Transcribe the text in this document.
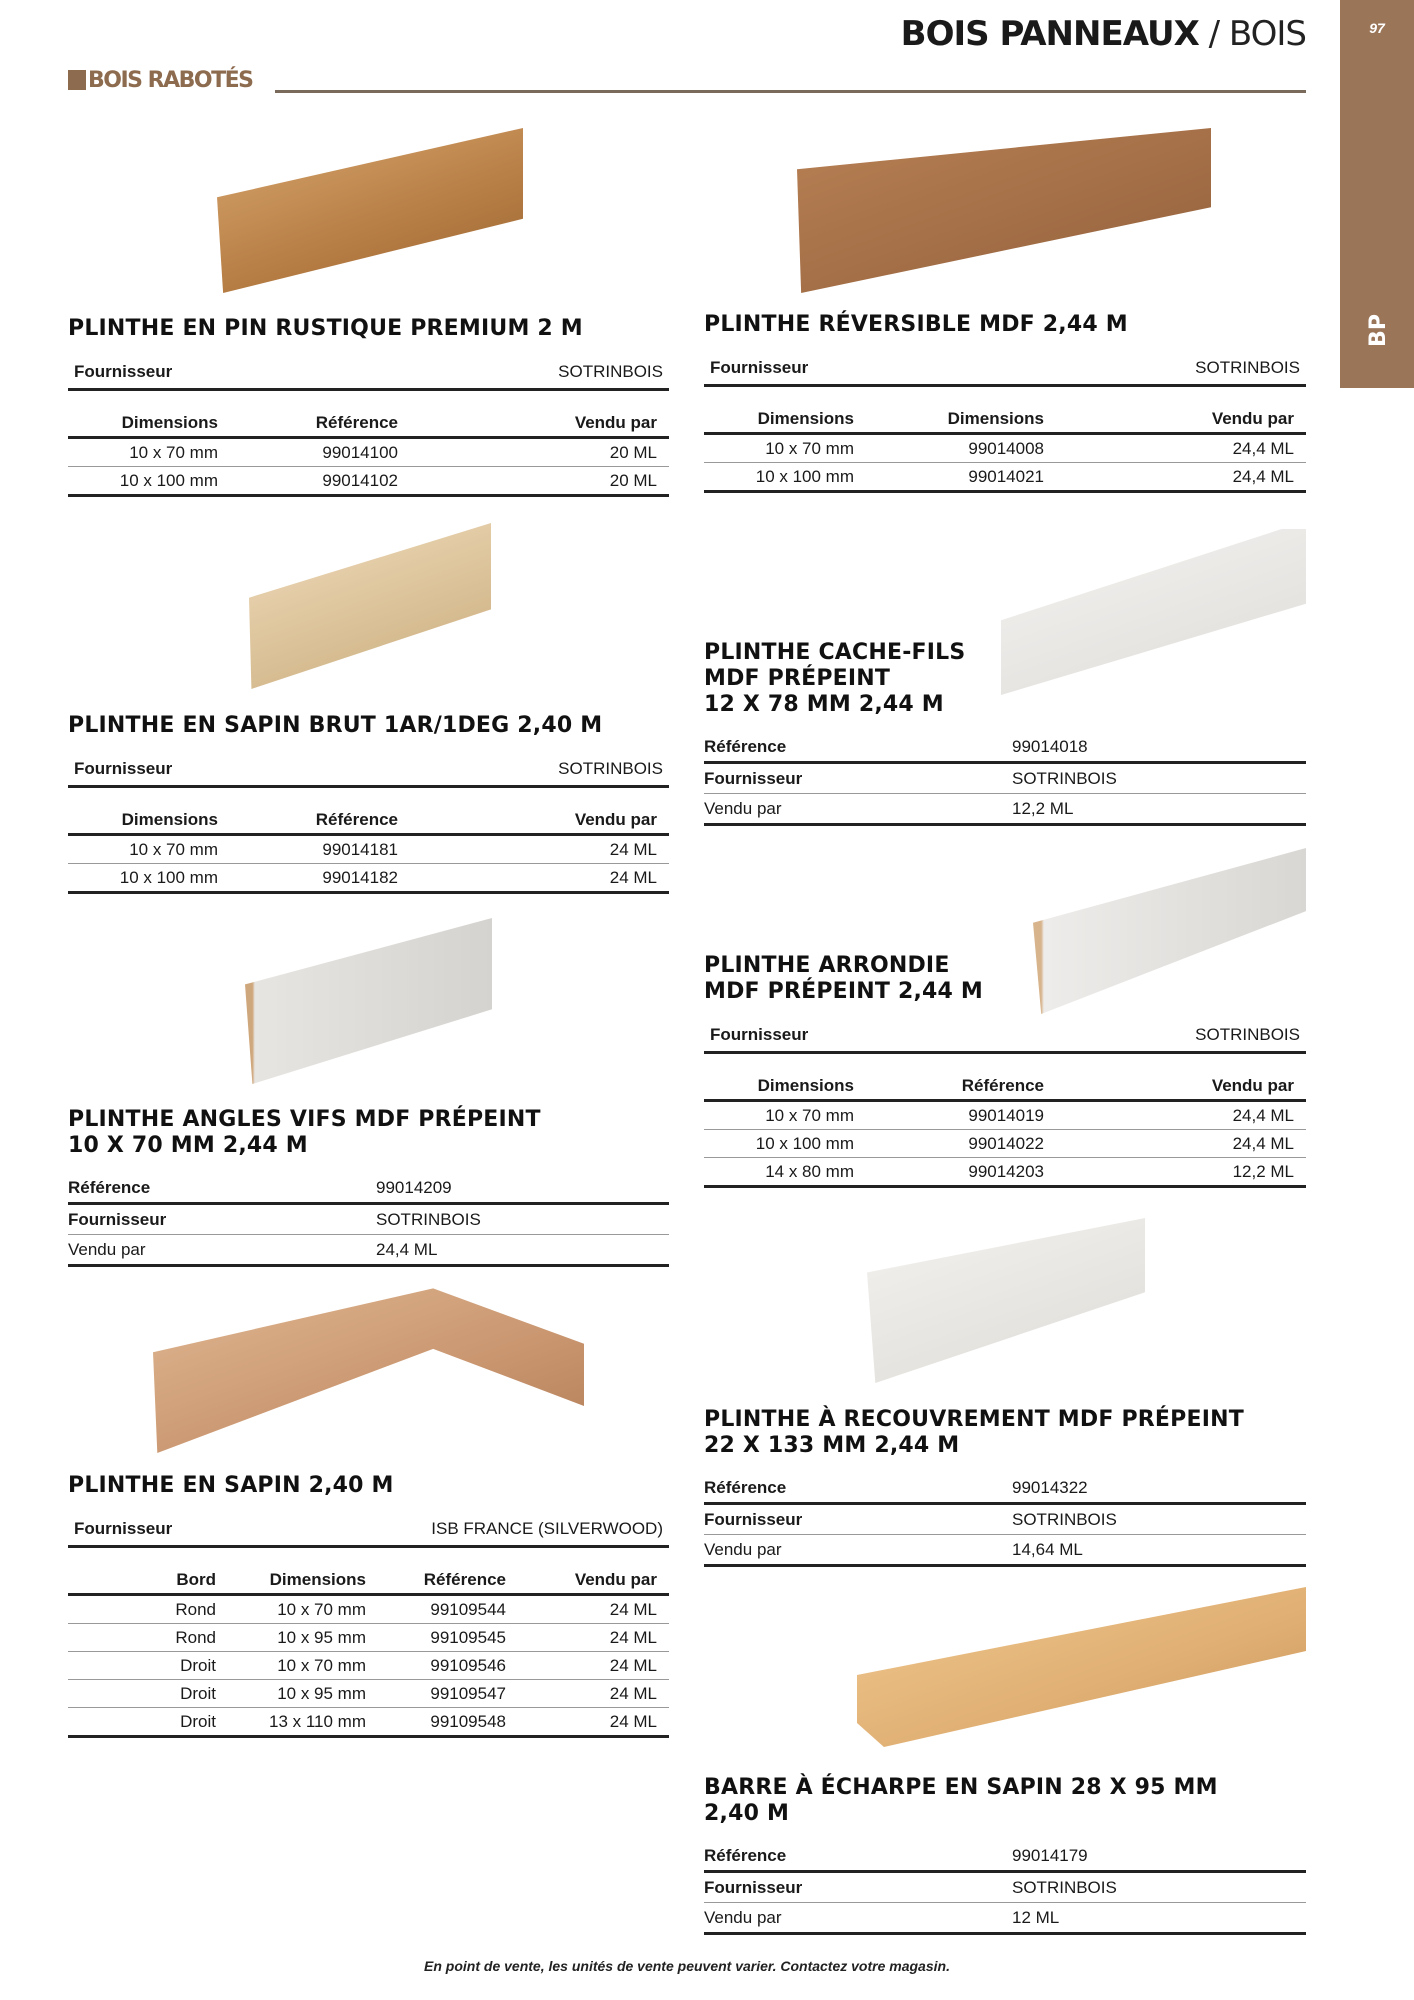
BOIS PANNEAUX / BOIS
BOIS RABOTÉS
97
BP
PLINTHE EN PIN RUSTIQUE PREMIUM 2 M
Fournisseur	SOTRINBOIS
Dimensions	Référence	Vendu par
10 x 70 mm	99014100	20 ML
10 x 100 mm	99014102	20 ML
PLINTHE EN SAPIN BRUT 1AR/1DEG 2,40 M
Fournisseur	SOTRINBOIS
Dimensions	Référence	Vendu par
10 x 70 mm	99014181	24 ML
10 x 100 mm	99014182	24 ML
PLINTHE ANGLES VIFS MDF PRÉPEINT
10 X 70 MM 2,44 M
Référence	99014209
Fournisseur	SOTRINBOIS
Vendu par	24,4 ML
PLINTHE EN SAPIN 2,40 M
Fournisseur	ISB FRANCE (SILVERWOOD)
Bord	Dimensions	Référence	Vendu par
Rond	10 x 70 mm	99109544	24 ML
Rond	10 x 95 mm	99109545	24 ML
Droit	10 x 70 mm	99109546	24 ML
Droit	10 x 95 mm	99109547	24 ML
Droit	13 x 110 mm	99109548	24 ML
PLINTHE RÉVERSIBLE MDF 2,44 M
Fournisseur	SOTRINBOIS
Dimensions	Dimensions	Vendu par
10 x 70 mm	99014008	24,4 ML
10 x 100 mm	99014021	24,4 ML
PLINTHE CACHE-FILS
MDF PRÉPEINT
12 X 78 MM 2,44 M
Référence	99014018
Fournisseur	SOTRINBOIS
Vendu par	12,2 ML
PLINTHE ARRONDIE
MDF PRÉPEINT 2,44 M
Fournisseur	SOTRINBOIS
Dimensions	Référence	Vendu par
10 x 70 mm	99014019	24,4 ML
10 x 100 mm	99014022	24,4 ML
14 x 80 mm	99014203	12,2 ML
PLINTHE À RECOUVREMENT MDF PRÉPEINT
22 X 133 MM 2,44 M
Référence	99014322
Fournisseur	SOTRINBOIS
Vendu par	14,64 ML
BARRE À ÉCHARPE EN SAPIN 28 X 95 MM
2,40 M
Référence	99014179
Fournisseur	SOTRINBOIS
Vendu par	12 ML
En point de vente, les unités de vente peuvent varier. Contactez votre magasin.
